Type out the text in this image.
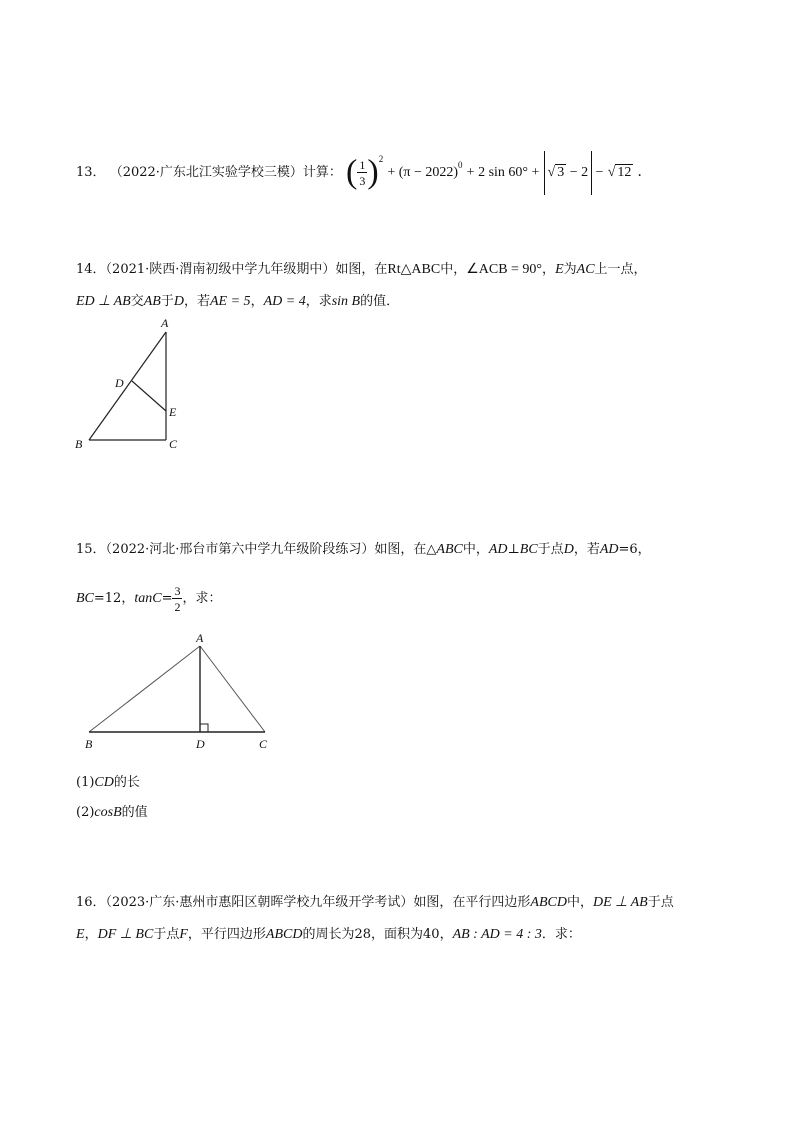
13． （2022·广东北江实验学校三模）计算： ( $\frac{1}{3} )^2 + (\pi - 2022)^0 + 2$ sin 60° + √ 3 − 2 − √ 12 ．
14．（2021·陕西·渭南初级中学九年级期中）如图，在Rt△ABC中，∠ACB = 90°，E为AC上一点，
ED ⊥ AB交AB于D，若AE = 5，AD = 4，求sin B的值．
A
D
E
B	C
15．（2022·河北·邢台市第六中学九年级阶段练习）如图，在△ABC中，AD⊥BC于点D，若AD=6，
BC=12，$\tan C= \frac{3}{2}$ ，求：
A
B	D	C
(1)CD的长
(2)cosB的值
16．（2023·广东·惠州市惠阳区朝晖学校九年级开学考试）如图，在平行四边形ABCD中，DE ⊥ AB于点
E，DF ⊥ BC于点F，平行四边形ABCD的周长为28，面积为40，AB : AD = 4 : 3．求：
